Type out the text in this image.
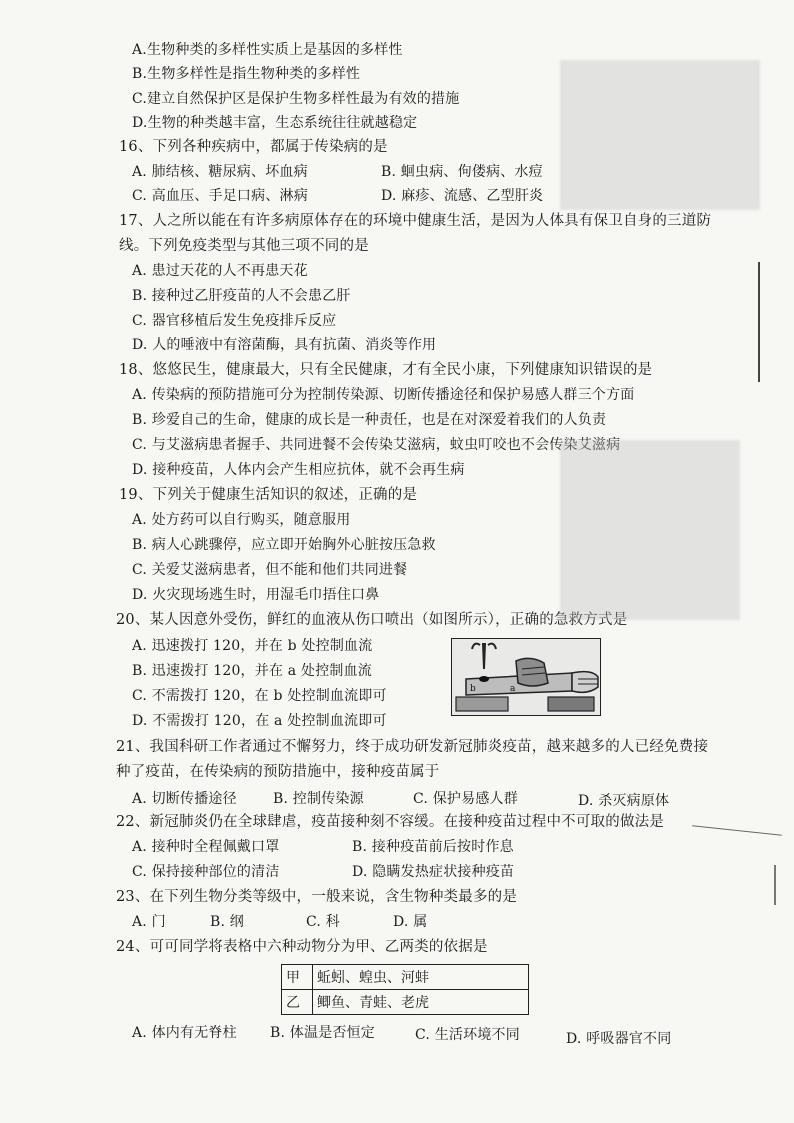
A.生物种类的多样性实质上是基因的多样性
B.生物多样性是指生物种类的多样性
C.建立自然保护区是保护生物多样性最为有效的措施
D.生物的种类越丰富，生态系统往往就越稳定
16、下列各种疾病中，都属于传染病的是
A. 肺结核、糖尿病、坏血病	B. 蛔虫病、佝偻病、水痘
C. 高血压、手足口病、淋病	D. 麻疹、流感、乙型肝炎
17、人之所以能在有许多病原体存在的环境中健康生活，是因为人体具有保卫自身的三道防
线。下列免疫类型与其他三项不同的是
A. 患过天花的人不再患天花
B. 接种过乙肝疫苗的人不会患乙肝
C. 器官移植后发生免疫排斥反应
D. 人的唾液中有溶菌酶，具有抗菌、消炎等作用
18、悠悠民生，健康最大，只有全民健康，才有全民小康，下列健康知识错误的是
A. 传染病的预防措施可分为控制传染源、切断传播途径和保护易感人群三个方面
B. 珍爱自己的生命，健康的成长是一种责任，也是在对深爱着我们的人负责
C. 与艾滋病患者握手、共同进餐不会传染艾滋病，蚊虫叮咬也不会传染艾滋病
D. 接种疫苗，人体内会产生相应抗体，就不会再生病
19、下列关于健康生活知识的叙述，正确的是
A. 处方药可以自行购买，随意服用
B. 病人心跳骤停，应立即开始胸外心脏按压急救
C. 关爱艾滋病患者，但不能和他们共同进餐
D. 火灾现场逃生时，用湿毛巾捂住口鼻
20、某人因意外受伤，鲜红的血液从伤口喷出（如图所示），正确的急救方式是
A. 迅速拨打 120，并在 b 处控制血流
B. 迅速拨打 120，并在 a 处控制血流
C. 不需拨打 120，在 b 处控制血流即可
D. 不需拨打 120，在 a 处控制血流即可
b	a
21、我国科研工作者通过不懈努力，终于成功研发新冠肺炎疫苗，越来越多的人已经免费接
种了疫苗，在传染病的预防措施中，接种疫苗属于
A. 切断传播途径	B. 控制传染源	C. 保护易感人群	D. 杀灭病原体
22、新冠肺炎仍在全球肆虐，疫苗接种刻不容缓。在接种疫苗过程中不可取的做法是
A. 接种时全程佩戴口罩	B. 接种疫苗前后按时作息
C. 保持接种部位的清洁	D. 隐瞒发热症状接种疫苗
23、在下列生物分类等级中，一般来说，含生物种类最多的是
A. 门	B. 纲	C. 科	D. 属
24、可可同学将表格中六种动物分为甲、乙两类的依据是
甲	蚯蚓、蝗虫、河蚌
乙	鲫鱼、青蛙、老虎
A. 体内有无脊柱 B. 体温是否恒定	C. 生活环境不同	D. 呼吸器官不同
